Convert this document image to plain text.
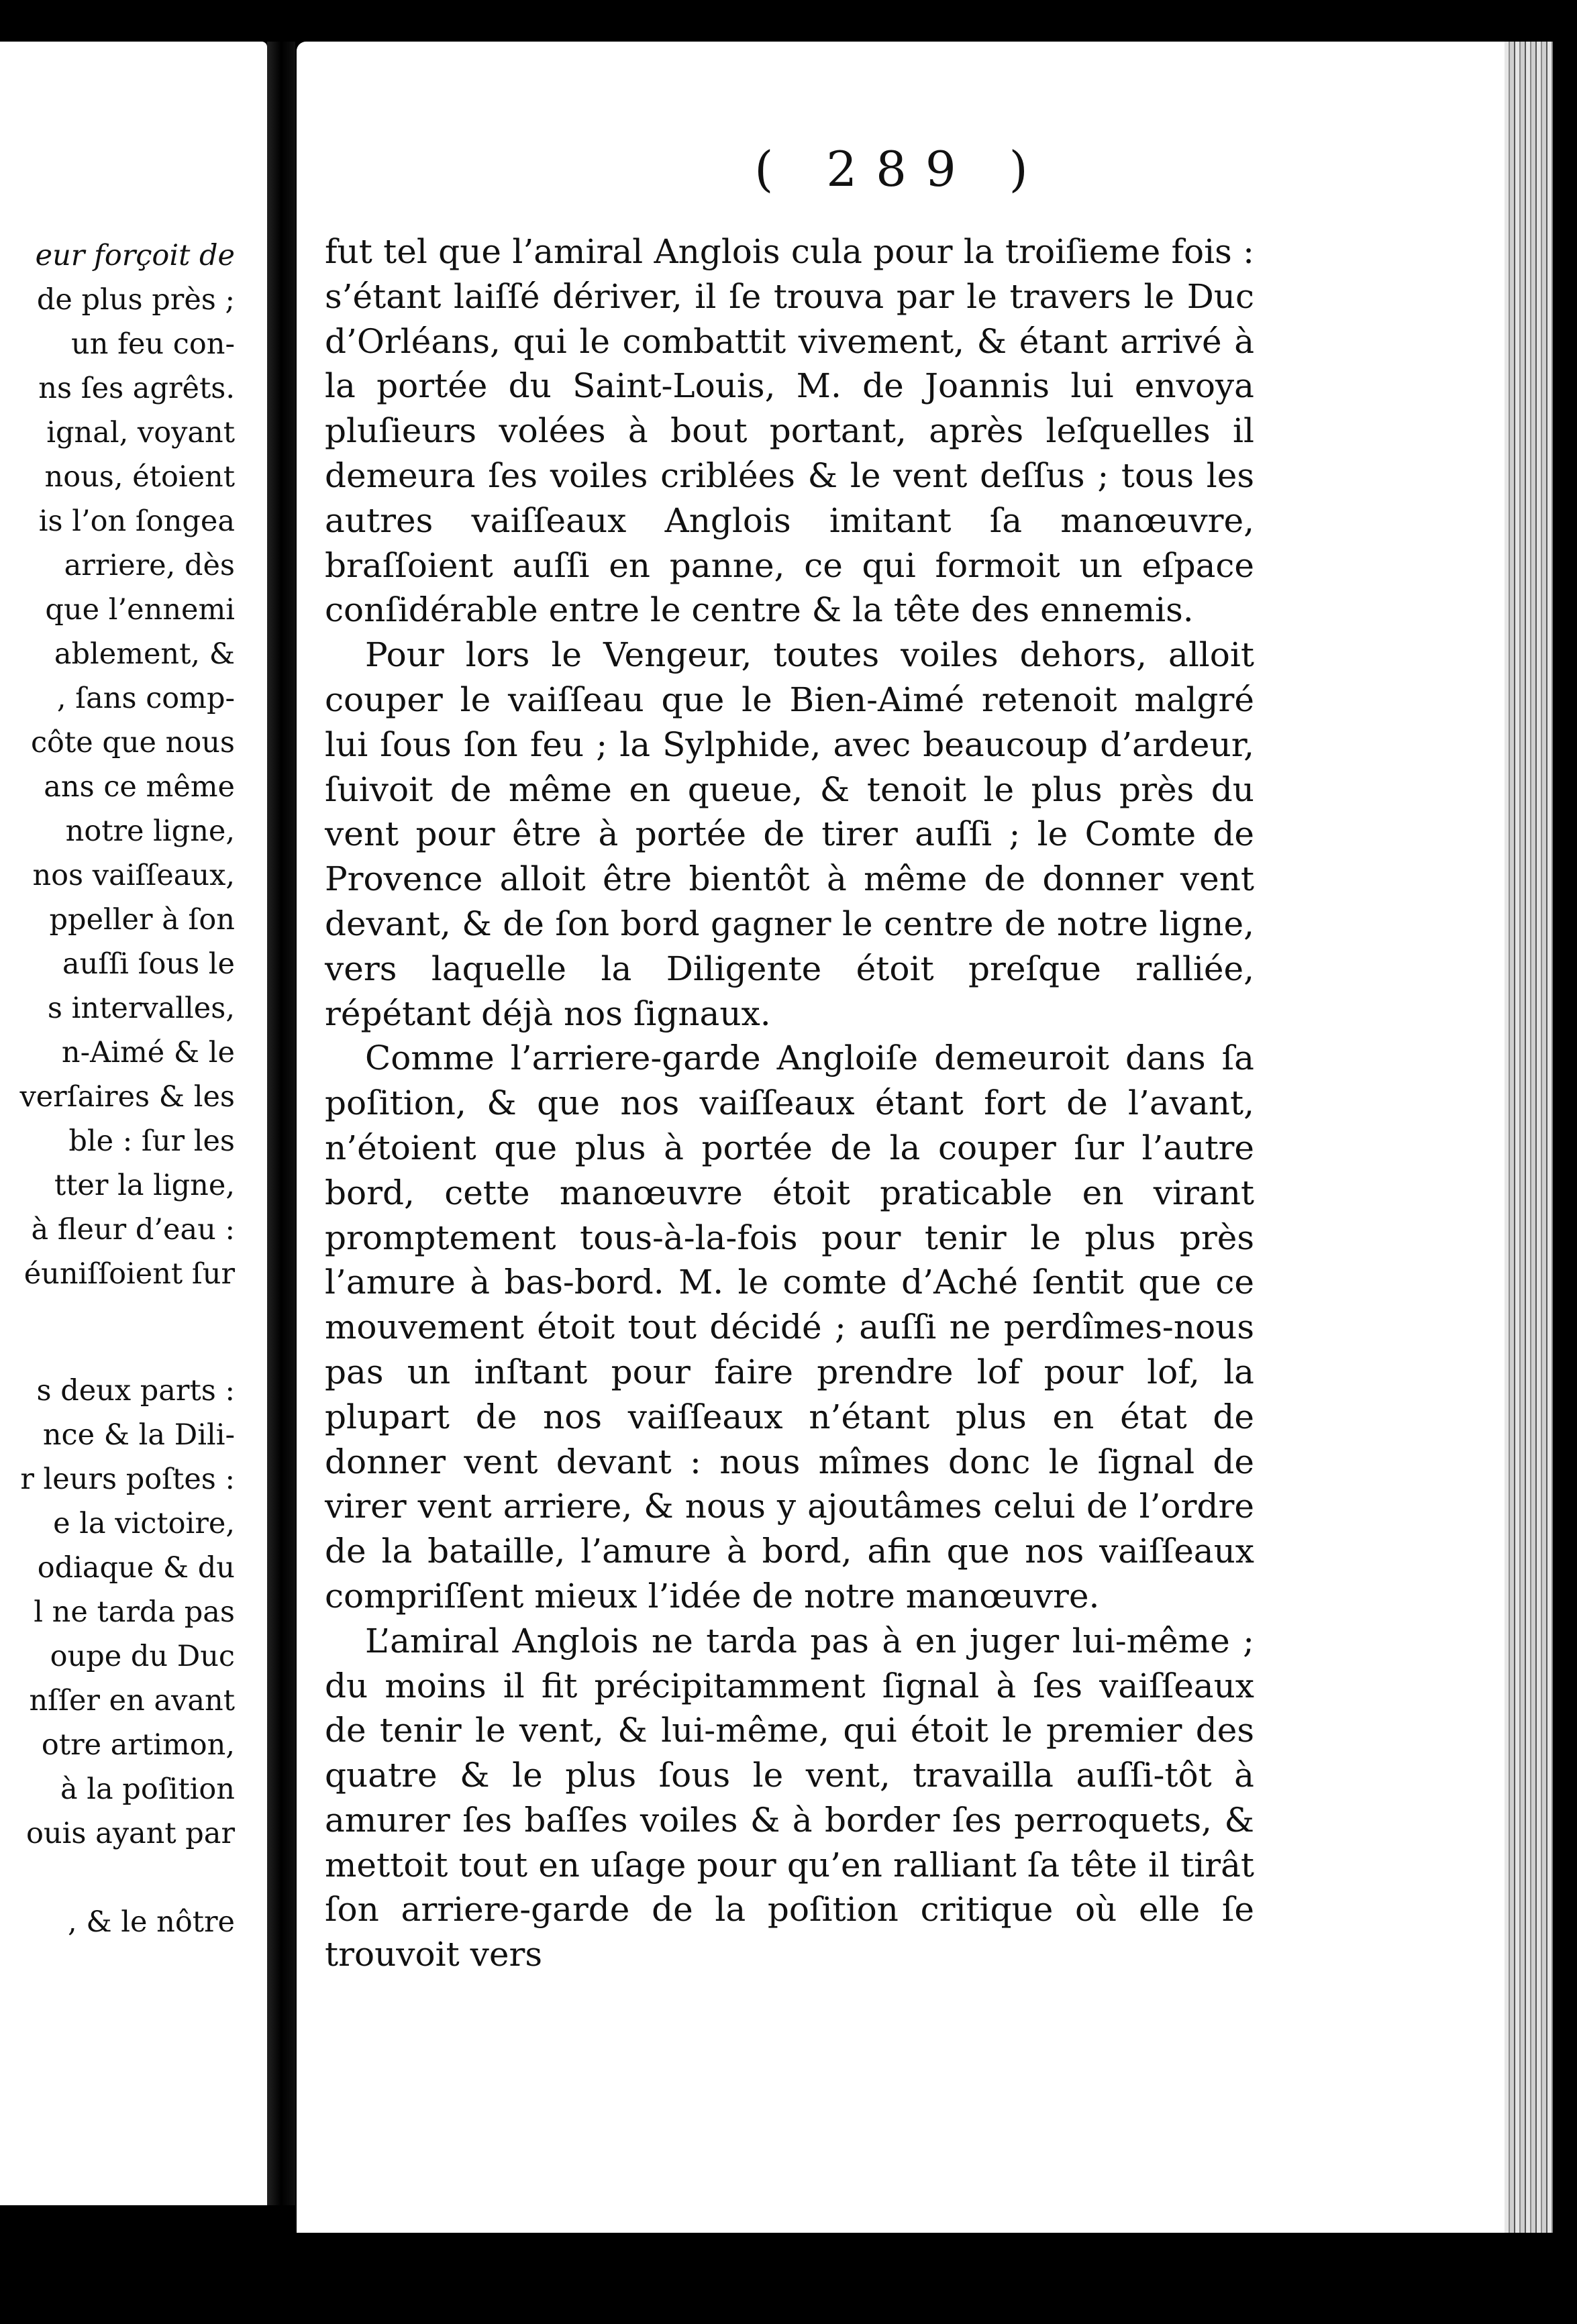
eur forçoit de
de plus près ;
un feu con-
ns ſes agrêts.
ignal, voyant
nous, étoient
is l’on ſongea
arriere, dès
que l’ennemi
ablement, &
, ſans comp-
côte que nous
ans ce même
notre ligne,
nos vaiſſeaux,
ppeller à ſon
auſſi ſous le
s intervalles,
n-Aimé & le
verſaires & les
ble : ſur les
tter la ligne,
à fleur d’eau :
éuniſſoient ſur
s deux parts :
nce & la Dili-
r leurs poſtes :
e la victoire,
odiaque & du
l ne tarda pas
oupe du Duc
nſſer en avant
otre artimon,
à la poſition
ouis ayant par
, & le nôtre
( 289 )

fut tel que l’amiral Anglois cula pour la troiſieme fois : s’étant laiſſé dériver, il ſe trouva par le travers le Duc d’Orléans, qui le combattit vivement, & étant arrivé à la portée du Saint-Louis, M. de Joannis lui envoya pluſieurs volées à bout portant, après leſquelles il demeura ſes voiles criblées & le vent deſſus ; tous les autres vaiſſeaux Anglois imitant ſa manœuvre, braſſoient auſſi en panne, ce qui formoit un eſpace conſidérable entre le centre & la tête des ennemis.

Pour lors le Vengeur, toutes voiles dehors, alloit couper le vaiſſeau que le Bien-Aimé retenoit malgré lui ſous ſon feu ; la Sylphide, avec beaucoup d’ardeur, ſuivoit de même en queue, & tenoit le plus près du vent pour être à portée de tirer auſſi ; le Comte de Provence alloit être bientôt à même de donner vent devant, & de ſon bord gagner le centre de notre ligne, vers laquelle la Diligente étoit preſque ralliée, répétant déjà nos ſignaux.

Comme l’arriere-garde Angloiſe demeuroit dans ſa poſition, & que nos vaiſſeaux étant fort de l’avant, n’étoient que plus à portée de la couper ſur l’autre bord, cette manœuvre étoit praticable en virant promptement tous-à-la-fois pour tenir le plus près l’amure à bas-bord. M. le comte d’Aché ſentit que ce mouvement étoit tout décidé ; auſſi ne perdîmes-nous pas un inſtant pour faire prendre lof pour lof, la plupart de nos vaiſſeaux n’étant plus en état de donner vent devant : nous mîmes donc le ſignal de virer vent arriere, & nous y ajoutâmes celui de l’ordre de la bataille, l’amure à bord, afin que nos vaiſſeaux compriſſent mieux l’idée de notre manœuvre.

L’amiral Anglois ne tarda pas à en juger lui-même ; du moins il fit précipitamment ſignal à ſes vaiſſeaux de tenir le vent, & lui-même, qui étoit le premier des quatre & le plus ſous le vent, travailla auſſi-tôt à amurer ſes baſſes voiles & à border ſes perroquets, & mettoit tout en uſage pour qu’en ralliant ſa tête il tirât ſon arriere-garde de la poſition critique où elle ſe trouvoit vers
